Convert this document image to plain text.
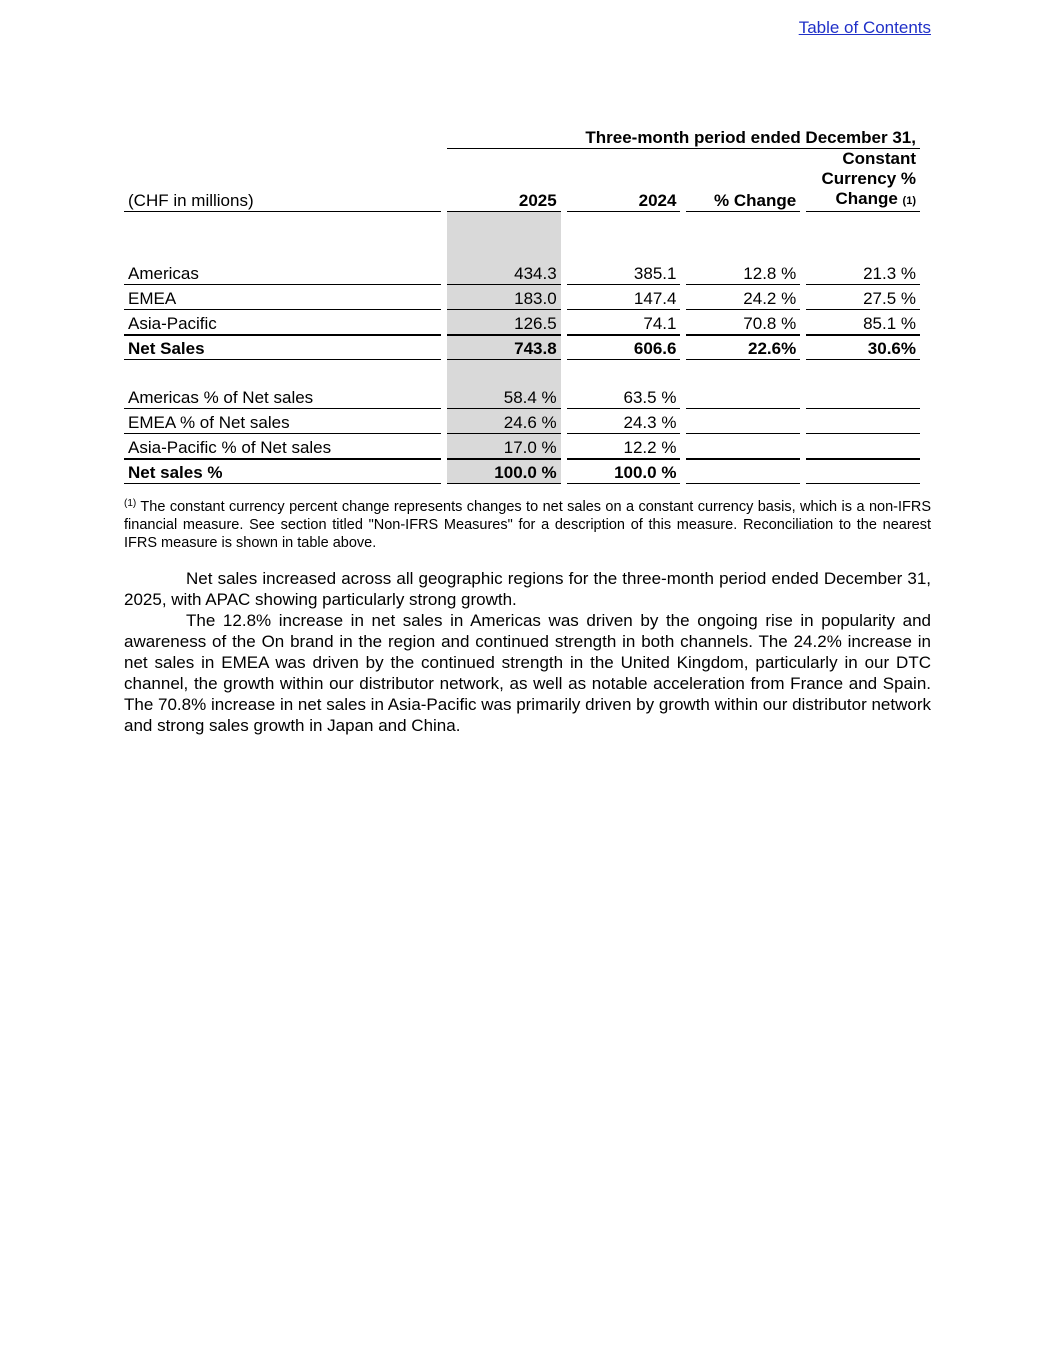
Table of Contents
	Three-month period ended December 31,			
(CHF in millions)	2025	2024	% Change	Constant
Currency %
Change (1)

Americas	434.3	385.1	12.8 %	21.3 %
EMEA	183.0	147.4	24.2 %	27.5 %
Asia-Pacific	126.5	74.1	70.8 %	85.1 %
Net Sales	743.8	606.6	22.6%	30.6%

Americas % of Net sales	58.4 %	63.5 %		
EMEA % of Net sales	24.6 %	24.3 %		
Asia-Pacific % of Net sales	17.0 %	12.2 %		
Net sales %	100.0 %	100.0 %		
$^{(1)}$ The constant currency percent change represents changes to net sales on a constant currency basis, which is a non-IFRS financial measure. See section titled "Non-IFRS Measures" for a description of this measure. Reconciliation to the nearest IFRS measure is shown in table above.

Net sales increased across all geographic regions for the three-month period ended December 31, 2025, with APAC showing particularly strong growth.

The 12.8% increase in net sales in Americas was driven by the ongoing rise in popularity and awareness of the On brand in the region and continued strength in both channels. The 24.2% increase in net sales in EMEA was driven by the continued strength in the United Kingdom, particularly in our DTC channel, the growth within our distributor network, as well as notable acceleration from France and Spain. The 70.8% increase in net sales in Asia-Pacific was primarily driven by growth within our distributor network and strong sales growth in Japan and China.
